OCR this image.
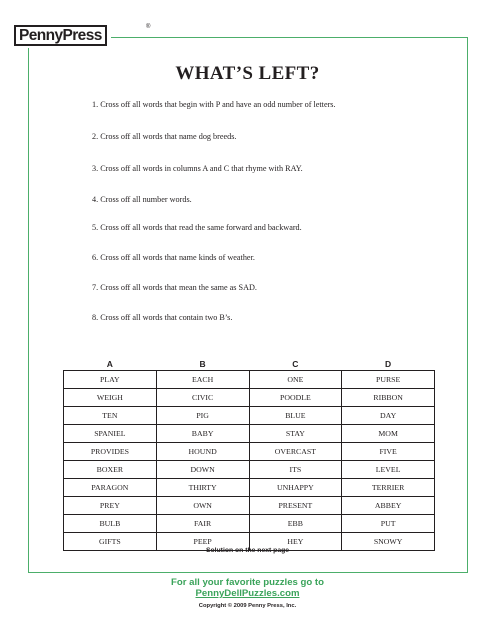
PennyPress	®
WHAT’S LEFT?
1. Cross off all words that begin with P and have an odd number of letters.
2. Cross off all words that name dog breeds.
3. Cross off all words in columns A and C that rhyme with RAY.
4. Cross off all number words.
5. Cross off all words that read the same forward and backward.
6. Cross off all words that name kinds of weather.
7. Cross off all words that mean the same as SAD.
8. Cross off all words that contain two B’s.
A	B	C	D
PLAY	EACH	ONE	PURSE
WEIGH	CIVIC	POODLE	RIBBON
TEN	PIG	BLUE	DAY
SPANIEL	BABY	STAY	MOM
PROVIDES	HOUND	OVERCAST	FIVE
BOXER	DOWN	ITS	LEVEL
PARAGON	THIRTY	UNHAPPY	TERRIER
PREY	OWN	PRESENT	ABBEY
BULB	FAIR	EBB	PUT
GIFTS	PEEP	HEY	SNOWY
Solution on the next page
For all your favorite puzzles go to
PennyDellPuzzles.com
Copyright © 2009 Penny Press, Inc.
